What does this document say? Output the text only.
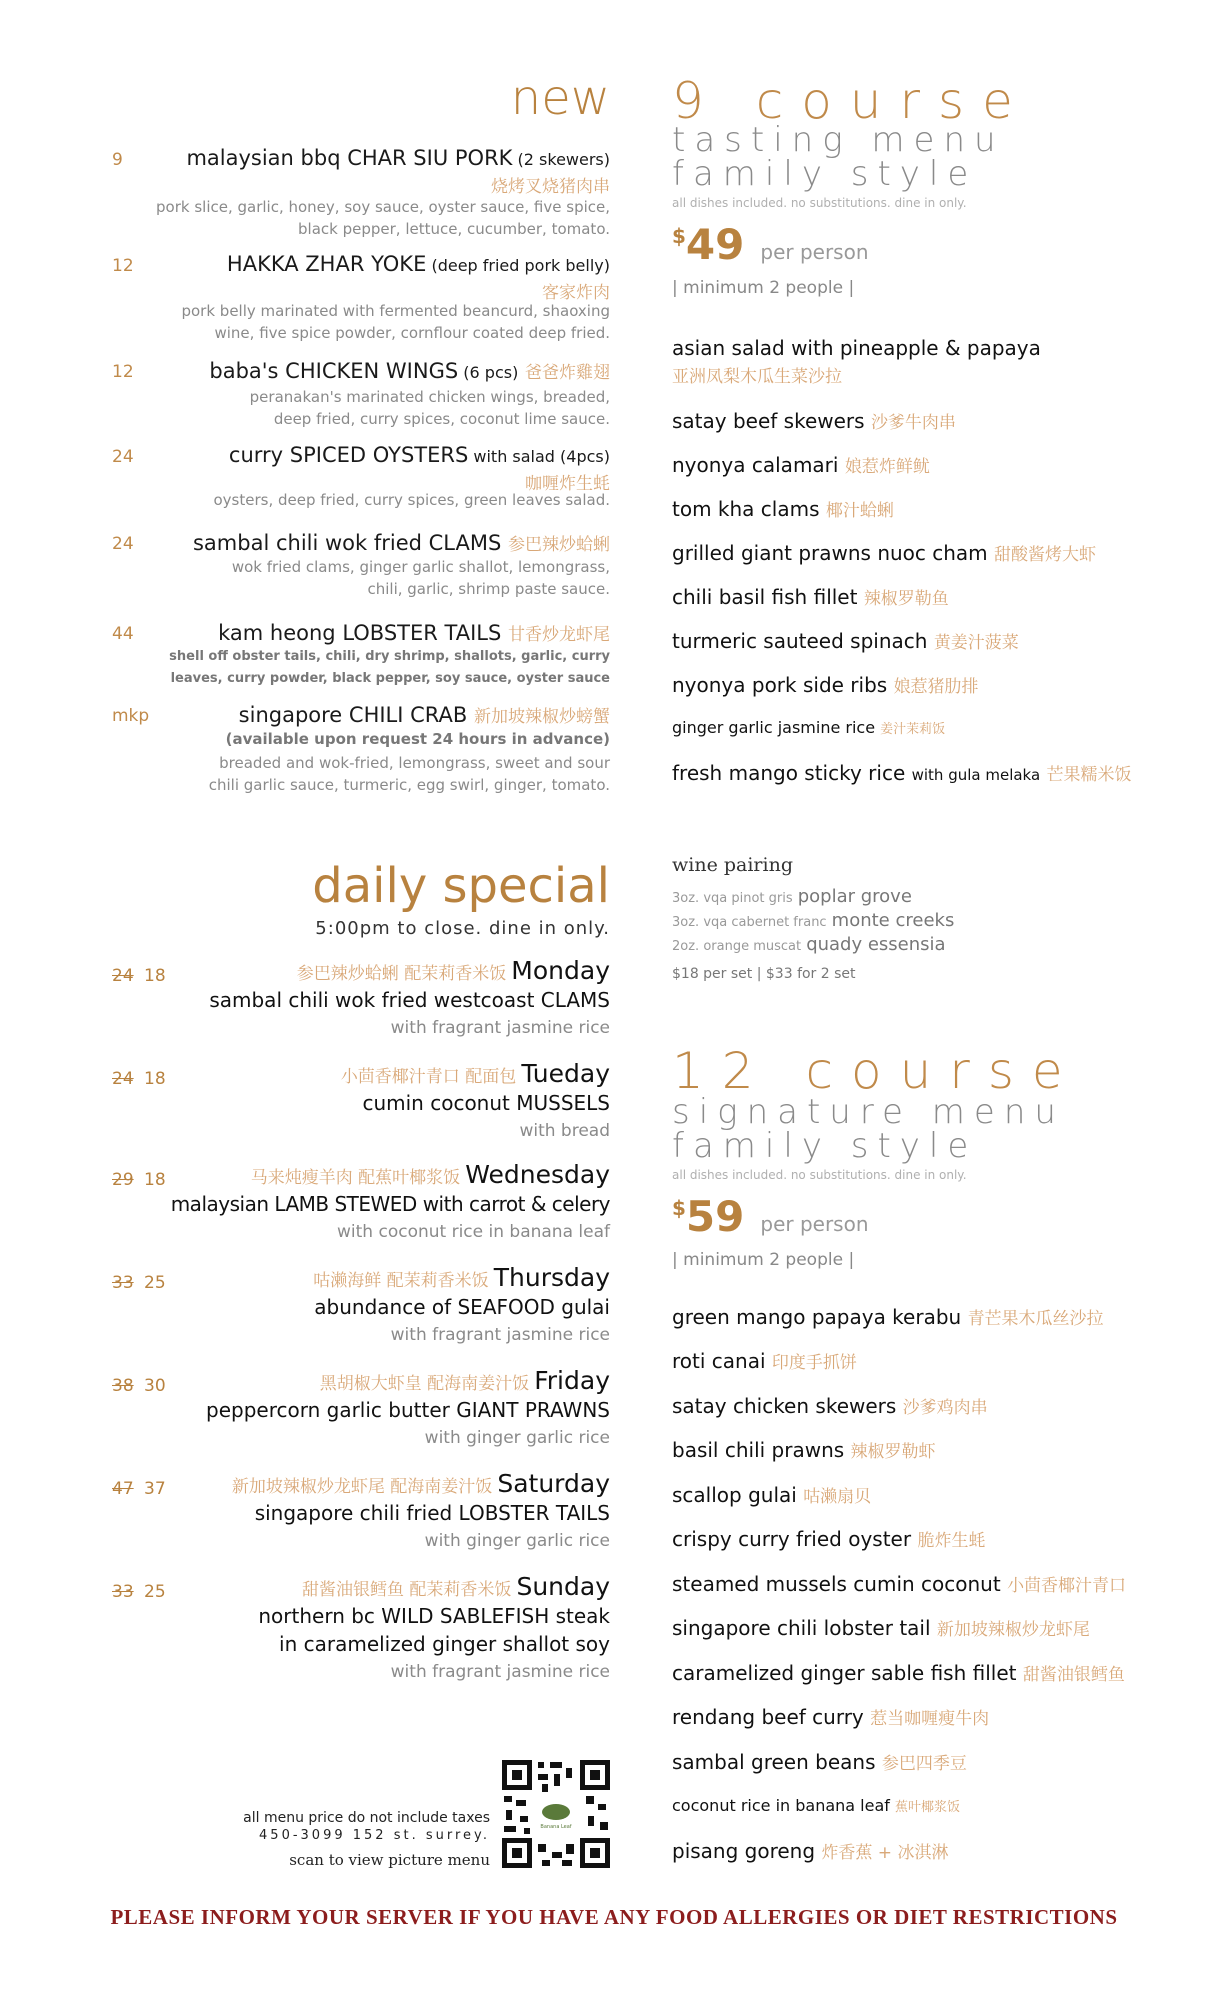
new
9	malaysian bbq CHAR SIU PORK (2 skewers)
烧烤叉烧猪肉串
pork slice, garlic, honey, soy sauce, oyster sauce, five spice,
black pepper, lettuce, cucumber, tomato.
12	HAKKA ZHAR YOKE (deep fried pork belly)
客家炸肉
pork belly marinated with fermented beancurd, shaoxing
wine, five spice powder, cornflour coated deep fried.
12	baba's CHICKEN WINGS (6 pcs) 爸爸炸雞翅
peranakan's marinated chicken wings, breaded,
deep fried, curry spices, coconut lime sauce.
24	curry SPICED OYSTERS with salad (4pcs)
咖喱炸生蚝
oysters, deep fried, curry spices, green leaves salad.
24	sambal chili wok fried CLAMS 参巴辣炒蛤蜊
wok fried clams, ginger garlic shallot, lemongrass,
chili, garlic, shrimp paste sauce.
44	kam heong LOBSTER TAILS 甘香炒龙虾尾
shell off obster tails, chili, dry shrimp, shallots, garlic, curry
leaves, curry powder, black pepper, soy sauce, oyster sauce
mkp	singapore CHILI CRAB 新加坡辣椒炒螃蟹
(available upon request 24 hours in advance)
breaded and wok-fried, lemongrass, sweet and sour
chili garlic sauce, turmeric, egg swirl, ginger, tomato.
daily special
5:00pm to close. dine in only.
24 18	参巴辣炒蛤蜊 配茉莉香米饭 Monday
sambal chili wok fried westcoast CLAMS
with fragrant jasmine rice
24 18	小茴香椰汁青口 配面包 Tueday
cumin coconut MUSSELS
with bread
29 18	马来炖瘦羊肉 配蕉叶椰浆饭 Wednesday
malaysian LAMB STEWED with carrot & celery
with coconut rice in banana leaf
33 25	咕濑海鲜 配茉莉香米饭 Thursday
abundance of SEAFOOD gulai
with fragrant jasmine rice
38 30	黑胡椒大虾皇 配海南姜汁饭 Friday
peppercorn garlic butter GIANT PRAWNS
with ginger garlic rice
47 37	新加坡辣椒炒龙虾尾 配海南姜汁饭 Saturday
singapore chili fried LOBSTER TAILS
with ginger garlic rice
33 25	甜酱油银鳕鱼 配茉莉香米饭 Sunday
northern bc WILD SABLEFISH steak
in caramelized ginger shallot soy
with fragrant jasmine rice
all menu price do not include taxes
450-3099 152 st. surrey.
scan to view picture menu
Banana Leaf
9 course
tasting menu
family style
all dishes included. no substitutions. dine in only.
$49 per person
| minimum 2 people |
asian salad with pineapple & papaya
亚洲凤梨木瓜生菜沙拉
satay beef skewers 沙爹牛肉串
nyonya calamari 娘惹炸鲜鱿
tom kha clams 椰汁蛤蜊
grilled giant prawns nuoc cham 甜酸酱烤大虾
chili basil fish fillet 辣椒罗勒鱼
turmeric sauteed spinach 黄姜汁菠菜
nyonya pork side ribs 娘惹猪肋排
ginger garlic jasmine rice 姜汁茉莉饭
fresh mango sticky rice with gula melaka 芒果糯米饭
wine pairing
3oz. vqa pinot gris poplar grove
3oz. vqa cabernet franc monte creeks
2oz. orange muscat quady essensia
$18 per set | $33 for 2 set
12 course
signature menu
family style
all dishes included. no substitutions. dine in only.
$59 per person
| minimum 2 people |
green mango papaya kerabu 青芒果木瓜丝沙拉
roti canai 印度手抓饼
satay chicken skewers 沙爹鸡肉串
basil chili prawns 辣椒罗勒虾
scallop gulai 咕濑扇贝
crispy curry fried oyster 脆炸生蚝
steamed mussels cumin coconut 小茴香椰汁青口
singapore chili lobster tail 新加坡辣椒炒龙虾尾
caramelized ginger sable fish fillet 甜酱油银鳕鱼
rendang beef curry 惹当咖喱瘦牛肉
sambal green beans 参巴四季豆
coconut rice in banana leaf 蕉叶椰浆饭
pisang goreng 炸香蕉 + 冰淇淋
PLEASE INFORM YOUR SERVER IF YOU HAVE ANY FOOD ALLERGIES OR DIET RESTRICTIONS
